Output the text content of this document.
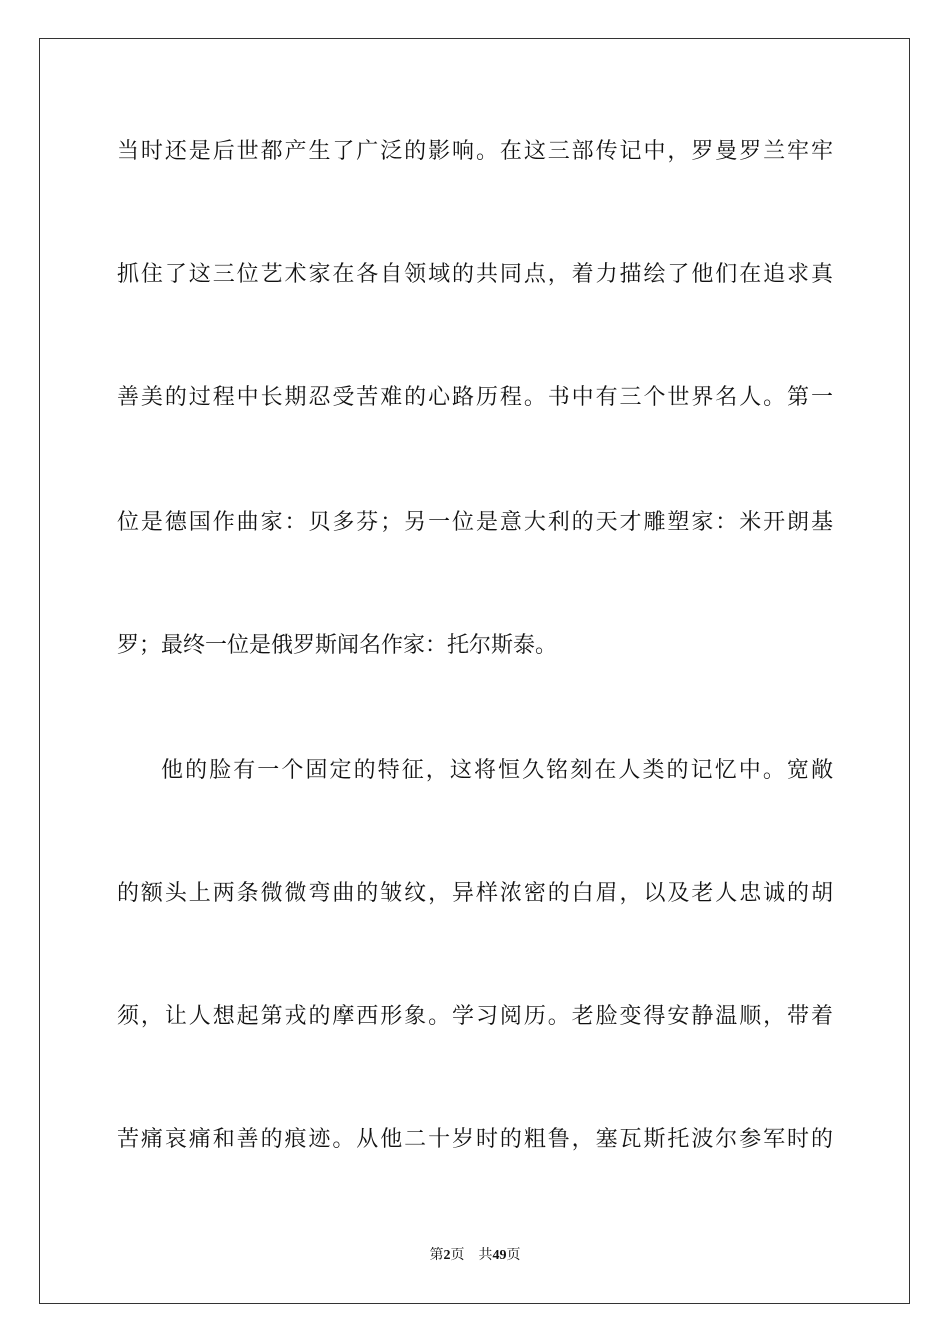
当时还是后世都产生了广泛的影响。在这三部传记中，罗曼罗兰牢牢
抓住了这三位艺术家在各自领域的共同点，着力描绘了他们在追求真
善美的过程中长期忍受苦难的心路历程。书中有三个世界名人。第一
位是德国作曲家：贝多芬；另一位是意大利的天才雕塑家：米开朗基
罗；最终一位是俄罗斯闻名作家：托尔斯泰。
他的脸有一个固定的特征，这将恒久铭刻在人类的记忆中。宽敞
的额头上两条微微弯曲的皱纹，异样浓密的白眉，以及老人忠诚的胡
须，让人想起第戎的摩西形象。学习阅历。老脸变得安静温顺，带着
苦痛哀痛和善的痕迹。从他二十岁时的粗鲁，塞瓦斯托波尔参军时的
第2页 共49页
